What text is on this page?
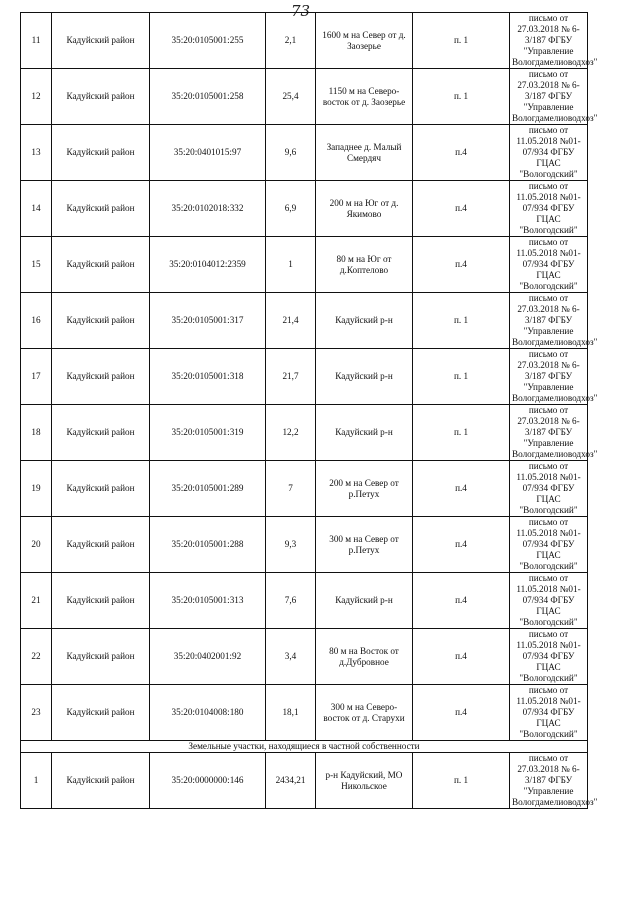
73
11	Кадуйский район	35:20:0105001:255	2,1	1600 м на Север от д. Заозерье	п. 1	письмо от 27.03.2018 № 6-3/187 ФГБУ "Управление Вологдамелиоводхоз"
12	Кадуйский район	35:20:0105001:258	25,4	1150 м на Северо-восток от д. Заозерье	п. 1	письмо от 27.03.2018 № 6-3/187 ФГБУ "Управление Вологдамелиоводхоз"
13	Кадуйский район	35:20:0401015:97	9,6	Западнее д. Малый Смердяч	п.4	письмо от 11.05.2018 №01-07/934 ФГБУ ГЦАС "Вологодский"
14	Кадуйский район	35:20:0102018:332	6,9	200 м на Юг от д. Якимово	п.4	письмо от 11.05.2018 №01-07/934 ФГБУ ГЦАС "Вологодский"
15	Кадуйский район	35:20:0104012:2359	1	80 м на Юг от д.Коптелово	п.4	письмо от 11.05.2018 №01-07/934 ФГБУ ГЦАС "Вологодский"
16	Кадуйский район	35:20:0105001:317	21,4	Кадуйский р-н	п. 1	письмо от 27.03.2018 № 6-3/187 ФГБУ "Управление Вологдамелиоводхоз"
17	Кадуйский район	35:20:0105001:318	21,7	Кадуйский р-н	п. 1	письмо от 27.03.2018 № 6-3/187 ФГБУ "Управление Вологдамелиоводхоз"
18	Кадуйский район	35:20:0105001:319	12,2	Кадуйский р-н	п. 1	письмо от 27.03.2018 № 6-3/187 ФГБУ "Управление Вологдамелиоводхоз"
19	Кадуйский район	35:20:0105001:289	7	200 м на Север от р.Петух	п.4	письмо от 11.05.2018 №01-07/934 ФГБУ ГЦАС "Вологодский"
20	Кадуйский район	35:20:0105001:288	9,3	300 м на Север от р.Петух	п.4	письмо от 11.05.2018 №01-07/934 ФГБУ ГЦАС "Вологодский"
21	Кадуйский район	35:20:0105001:313	7,6	Кадуйский р-н	п.4	письмо от 11.05.2018 №01-07/934 ФГБУ ГЦАС "Вологодский"
22	Кадуйский район	35:20:0402001:92	3,4	80 м на Восток от д.Дубровное	п.4	письмо от 11.05.2018 №01-07/934 ФГБУ ГЦАС "Вологодский"
23	Кадуйский район	35:20:0104008:180	18,1	300 м на Северо-восток от д. Старухи	п.4	письмо от 11.05.2018 №01-07/934 ФГБУ ГЦАС "Вологодский"
Земельные участки, находящиеся в частной собственности						
1	Кадуйский район	35:20:0000000:146	2434,21	р-н Кадуйский, МО Никольское	п. 1	письмо от 27.03.2018 № 6-3/187 ФГБУ "Управление Вологдамелиоводхоз"
